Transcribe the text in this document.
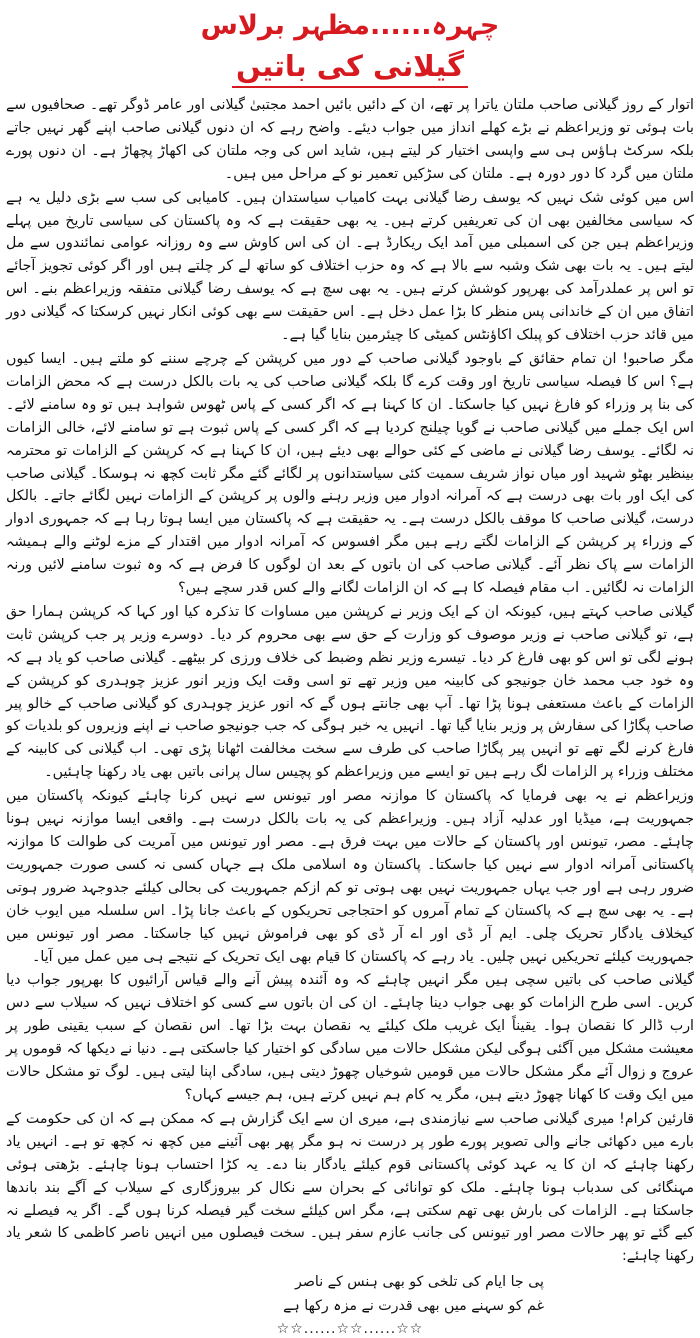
چہرہ......مظہر برلاس
گیلانی کی باتیں

اتوار کے روز گیلانی صاحب ملتان یاترا پر تھے، ان کے دائیں بائیں احمد مجتبیٰ گیلانی اور عامر ڈوگر تھے۔ صحافیوں سے بات ہوئی تو وزیراعظم نے بڑے کھلے انداز میں جواب دیئے۔ واضح رہے کہ ان دنوں گیلانی صاحب اپنے گھر نہیں جاتے بلکہ سرکٹ ہاؤس ہی سے واپسی اختیار کر لیتے ہیں، شاید اس کی وجہ ملتان کی اکھاڑ پچھاڑ ہے۔ ان دنوں پورے ملتان میں گرد کا دور دورہ ہے۔ ملتان کی سڑکیں تعمیر نو کے مراحل میں ہیں۔

اس میں کوئی شک نہیں کہ یوسف رضا گیلانی بہت کامیاب سیاستدان ہیں۔ کامیابی کی سب سے بڑی دلیل یہ ہے کہ سیاسی مخالفین بھی ان کی تعریفیں کرتے ہیں۔ یہ بھی حقیقت ہے کہ وہ پاکستان کی سیاسی تاریخ میں پہلے وزیراعظم ہیں جن کی اسمبلی میں آمد ایک ریکارڈ ہے۔ ان کی اس کاوش سے وہ روزانہ عوامی نمائندوں سے مل لیتے ہیں۔ یہ بات بھی شک وشبہ سے بالا ہے کہ وہ حزب اختلاف کو ساتھ لے کر چلتے ہیں اور اگر کوئی تجویز آجائے تو اس پر عملدرآمد کی بھرپور کوشش کرتے ہیں۔ یہ بھی سچ ہے کہ یوسف رضا گیلانی متفقہ وزیراعظم بنے۔ اس اتفاق میں ان کے خاندانی پس منظر کا بڑا عمل دخل ہے۔ اس حقیقت سے بھی کوئی انکار نہیں کرسکتا کہ گیلانی دور میں قائد حزب اختلاف کو پبلک اکاؤنٹس کمیٹی کا چیئرمین بنایا گیا ہے۔

مگر صاحبو! ان تمام حقائق کے باوجود گیلانی صاحب کے دور میں کرپشن کے چرچے سننے کو ملتے ہیں۔ ایسا کیوں ہے؟ اس کا فیصلہ سیاسی تاریخ اور وقت کرے گا بلکہ گیلانی صاحب کی یہ بات بالکل درست ہے کہ محض الزامات کی بنا پر وزراء کو فارغ نہیں کیا جاسکتا۔ ان کا کہنا ہے کہ اگر کسی کے پاس ٹھوس شواہد ہیں تو وہ سامنے لائے۔ اس ایک جملے میں گیلانی صاحب نے گویا چیلنج کردیا ہے کہ اگر کسی کے پاس ثبوت ہے تو سامنے لائے، خالی الزامات نہ لگائے۔ یوسف رضا گیلانی نے ماضی کے کئی حوالے بھی دیئے ہیں، ان کا کہنا ہے کہ کرپشن کے الزامات تو محترمہ بینظیر بھٹو شہید اور میاں نواز شریف سمیت کئی سیاستدانوں پر لگائے گئے مگر ثابت کچھ نہ ہوسکا۔ گیلانی صاحب کی ایک اور بات بھی درست ہے کہ آمرانہ ادوار میں وزیر رہنے والوں پر کرپشن کے الزامات نہیں لگائے جاتے۔ بالکل درست، گیلانی صاحب کا موقف بالکل درست ہے۔ یہ حقیقت ہے کہ پاکستان میں ایسا ہوتا رہا ہے کہ جمہوری ادوار کے وزراء پر کرپشن کے الزامات لگتے رہے ہیں مگر افسوس کہ آمرانہ ادوار میں اقتدار کے مزے لوٹنے والے ہمیشہ الزامات سے پاک نظر آئے۔ گیلانی صاحب کی ان باتوں کے بعد ان لوگوں کا فرض ہے کہ وہ ثبوت سامنے لائیں ورنہ الزامات نہ لگائیں۔ اب مقام فیصلہ کا ہے کہ ان الزامات لگانے والے کس قدر سچے ہیں؟

گیلانی صاحب کہتے ہیں، کیونکہ ان کے ایک وزیر نے کرپشن میں مساوات کا تذکرہ کیا اور کہا کہ کرپشن ہمارا حق ہے، تو گیلانی صاحب نے وزیر موصوف کو وزارت کے حق سے بھی محروم کر دیا۔ دوسرے وزیر پر جب کرپشن ثابت ہونے لگی تو اس کو بھی فارغ کر دیا۔ تیسرے وزیر نظم وضبط کی خلاف ورزی کر بیٹھے۔ گیلانی صاحب کو یاد ہے کہ وہ خود جب محمد خان جونیجو کی کابینہ میں وزیر تھے تو اسی وقت ایک وزیر انور عزیز چوہدری کو کرپشن کے الزامات کے باعث مستعفی ہونا پڑا تھا۔ آپ بھی جانتے ہوں گے کہ انور عزیز چوہدری کو گیلانی صاحب کے خالو پیر صاحب پگاڑا کی سفارش پر وزیر بنایا گیا تھا۔ انہیں یہ خبر ہوگی کہ جب جونیجو صاحب نے اپنے وزیروں کو بلدیات کو فارغ کرنے لگے تھے تو انہیں پیر پگاڑا صاحب کی طرف سے سخت مخالفت اٹھانا پڑی تھی۔ اب گیلانی کی کابینہ کے مختلف وزراء پر الزامات لگ رہے ہیں تو ایسے میں وزیراعظم کو پچیس سال پرانی باتیں بھی یاد رکھنا چاہئیں۔

وزیراعظم نے یہ بھی فرمایا کہ پاکستان کا موازنہ مصر اور تیونس سے نہیں کرنا چاہئے کیونکہ پاکستان میں جمہوریت ہے، میڈیا اور عدلیہ آزاد ہیں۔ وزیراعظم کی یہ بات بالکل درست ہے۔ واقعی ایسا موازنہ نہیں ہونا چاہئے۔ مصر، تیونس اور پاکستان کے حالات میں بہت فرق ہے۔ مصر اور تیونس میں آمریت کی طوالت کا موازنہ پاکستانی آمرانہ ادوار سے نہیں کیا جاسکتا۔ پاکستان وہ اسلامی ملک ہے جہاں کسی نہ کسی صورت جمہوریت ضرور رہی ہے اور جب یہاں جمہوریت نہیں بھی ہوتی تو کم ازکم جمہوریت کی بحالی کیلئے جدوجہد ضرور ہوتی ہے۔ یہ بھی سچ ہے کہ پاکستان کے تمام آمروں کو احتجاجی تحریکوں کے باعث جانا پڑا۔ اس سلسلہ میں ایوب خان کیخلاف یادگار تحریک چلی۔ ایم آر ڈی اور اے آر ڈی کو بھی فراموش نہیں کیا جاسکتا۔ مصر اور تیونس میں جمہوریت کیلئے تحریکیں نہیں چلیں۔ یاد رہے کہ پاکستان کا قیام بھی ایک تحریک کے نتیجے ہی میں عمل میں آیا۔

گیلانی صاحب کی باتیں سچی ہیں مگر انہیں چاہئے کہ وہ آئندہ پیش آنے والے قیاس آرائیوں کا بھرپور جواب دیا کریں۔ اسی طرح الزامات کو بھی جواب دینا چاہئے۔ ان کی ان باتوں سے کسی کو اختلاف نہیں کہ سیلاب سے دس ارب ڈالر کا نقصان ہوا۔ یقیناً ایک غریب ملک کیلئے یہ نقصان بہت بڑا تھا۔ اس نقصان کے سبب یقینی طور پر معیشت مشکل میں آگئی ہوگی لیکن مشکل حالات میں سادگی کو اختیار کیا جاسکتی ہے۔ دنیا نے دیکھا کہ قوموں پر عروج و زوال آئے مگر مشکل حالات میں قومیں شوخیاں چھوڑ دیتی ہیں، سادگی اپنا لیتی ہیں۔ لوگ تو مشکل حالات میں ایک وقت کا کھانا چھوڑ دیتے ہیں، مگر یہ کام ہم نہیں کرتے ہیں، ہم جیسے کہاں؟

قارئین کرام! میری گیلانی صاحب سے نیازمندی ہے، میری ان سے ایک گزارش ہے کہ ممکن ہے کہ ان کی حکومت کے بارے میں دکھائی جانے والی تصویر پورے طور پر درست نہ ہو مگر پھر بھی آئینے میں کچھ نہ کچھ تو ہے۔ انہیں یاد رکھنا چاہئے کہ ان کا یہ عہد کوئی پاکستانی قوم کیلئے یادگار بنا دے۔ یہ کڑا احتساب ہونا چاہئے۔ بڑھتی ہوئی مہنگائی کی سدباب ہونا چاہئے۔ ملک کو توانائی کے بحران سے نکال کر بیروزگاری کے سیلاب کے آگے بند باندھا جاسکتا ہے۔ الزامات کی بارش بھی تھم سکتی ہے، مگر اس کیلئے سخت گیر فیصلہ کرنا ہوں گے۔ اگر یہ فیصلے نہ کیے گئے تو پھر حالات مصر اور تیونس کی جانب عازم سفر ہیں۔ سخت فیصلوں میں انہیں ناصر کاظمی کا شعر یاد رکھنا چاہئے:

پی جا ایام کی تلخی کو بھی ہنس کے ناصر
غم کو سہنے میں بھی قدرت نے مزہ رکھا ہے
☆☆......☆☆......☆☆
